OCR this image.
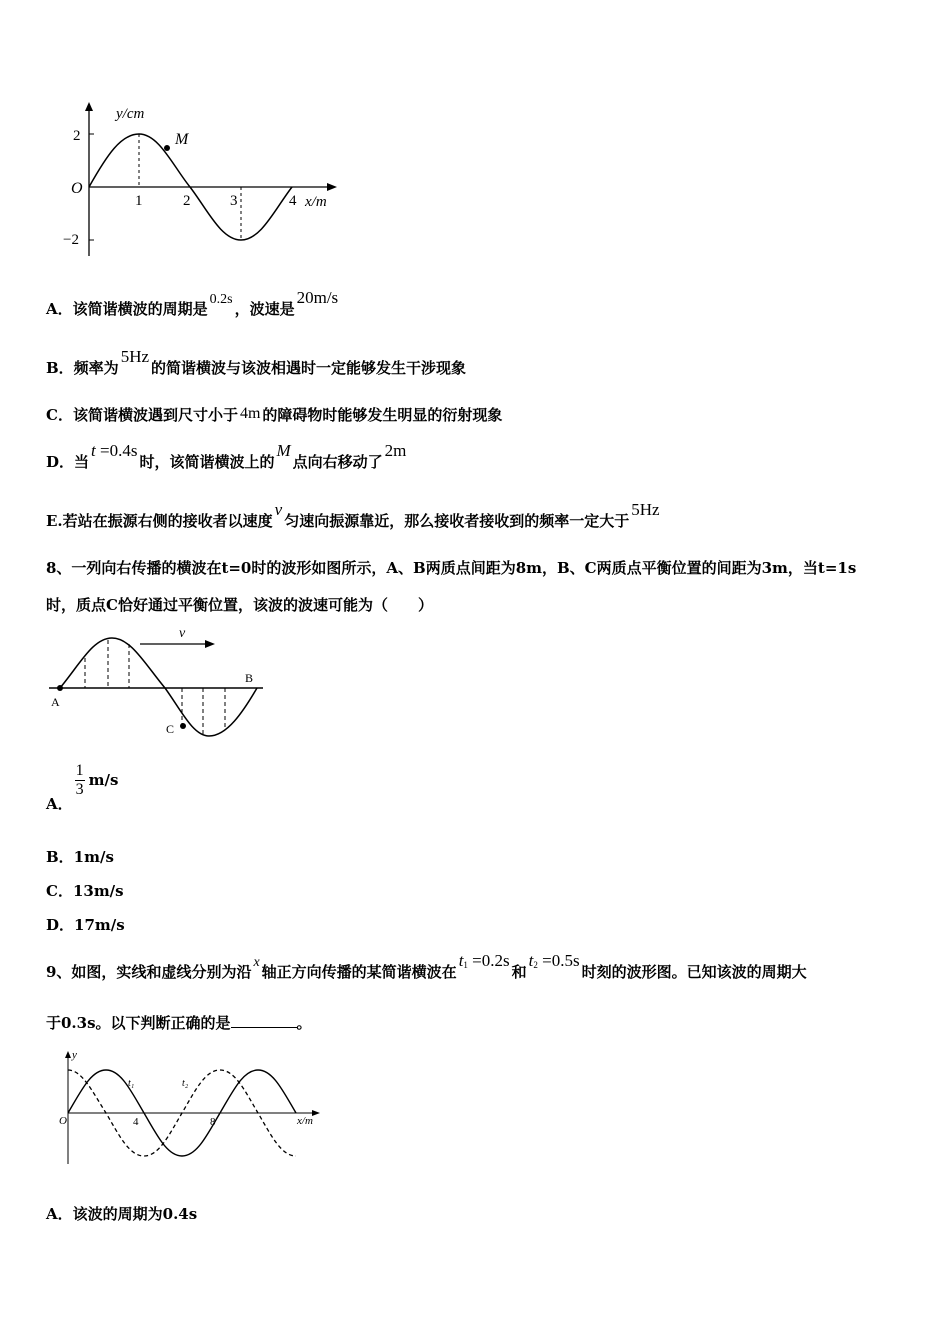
y/cm
x/m
O
2
−2
1	2	3	4
M
A．该简谐横波的周期是0.2s，波速是20m/s
B．频率为5Hz的简谐横波与该波相遇时一定能够发生干涉现象
C．该简谐横波遇到尺寸小于 4m 的障碍物时能够发生明显的衍射现象
D．当t =0.4s时，该简谐横波上的M点向右移动了2m
E.若站在振源右侧的接收者以速度v匀速向振源靠近，那么接收者接收到的频率一定大于5Hz
8、一列向右传播的横波在t=0时的波形如图所示，A、B两质点间距为8m，B、C两质点平衡位置的间距为3m，当t=1s
时，质点C恰好通过平衡位置，该波的波速可能为（　　）
v
A
B
C
A．
$\frac{1}{3} m/s$
B．1m/s
C．13m/s
D．17m/s
9、如图，实线和虚线分别为沿x轴正方向传播的某简谐横波在$t_1 =0.2s$和$t_2 =0.5s$时刻的波形图。已知该波的周期大
于0.3s。以下判断正确的是	。
O
y
x/m
4	8
t₁	t₂
A．该波的周期为0.4s
